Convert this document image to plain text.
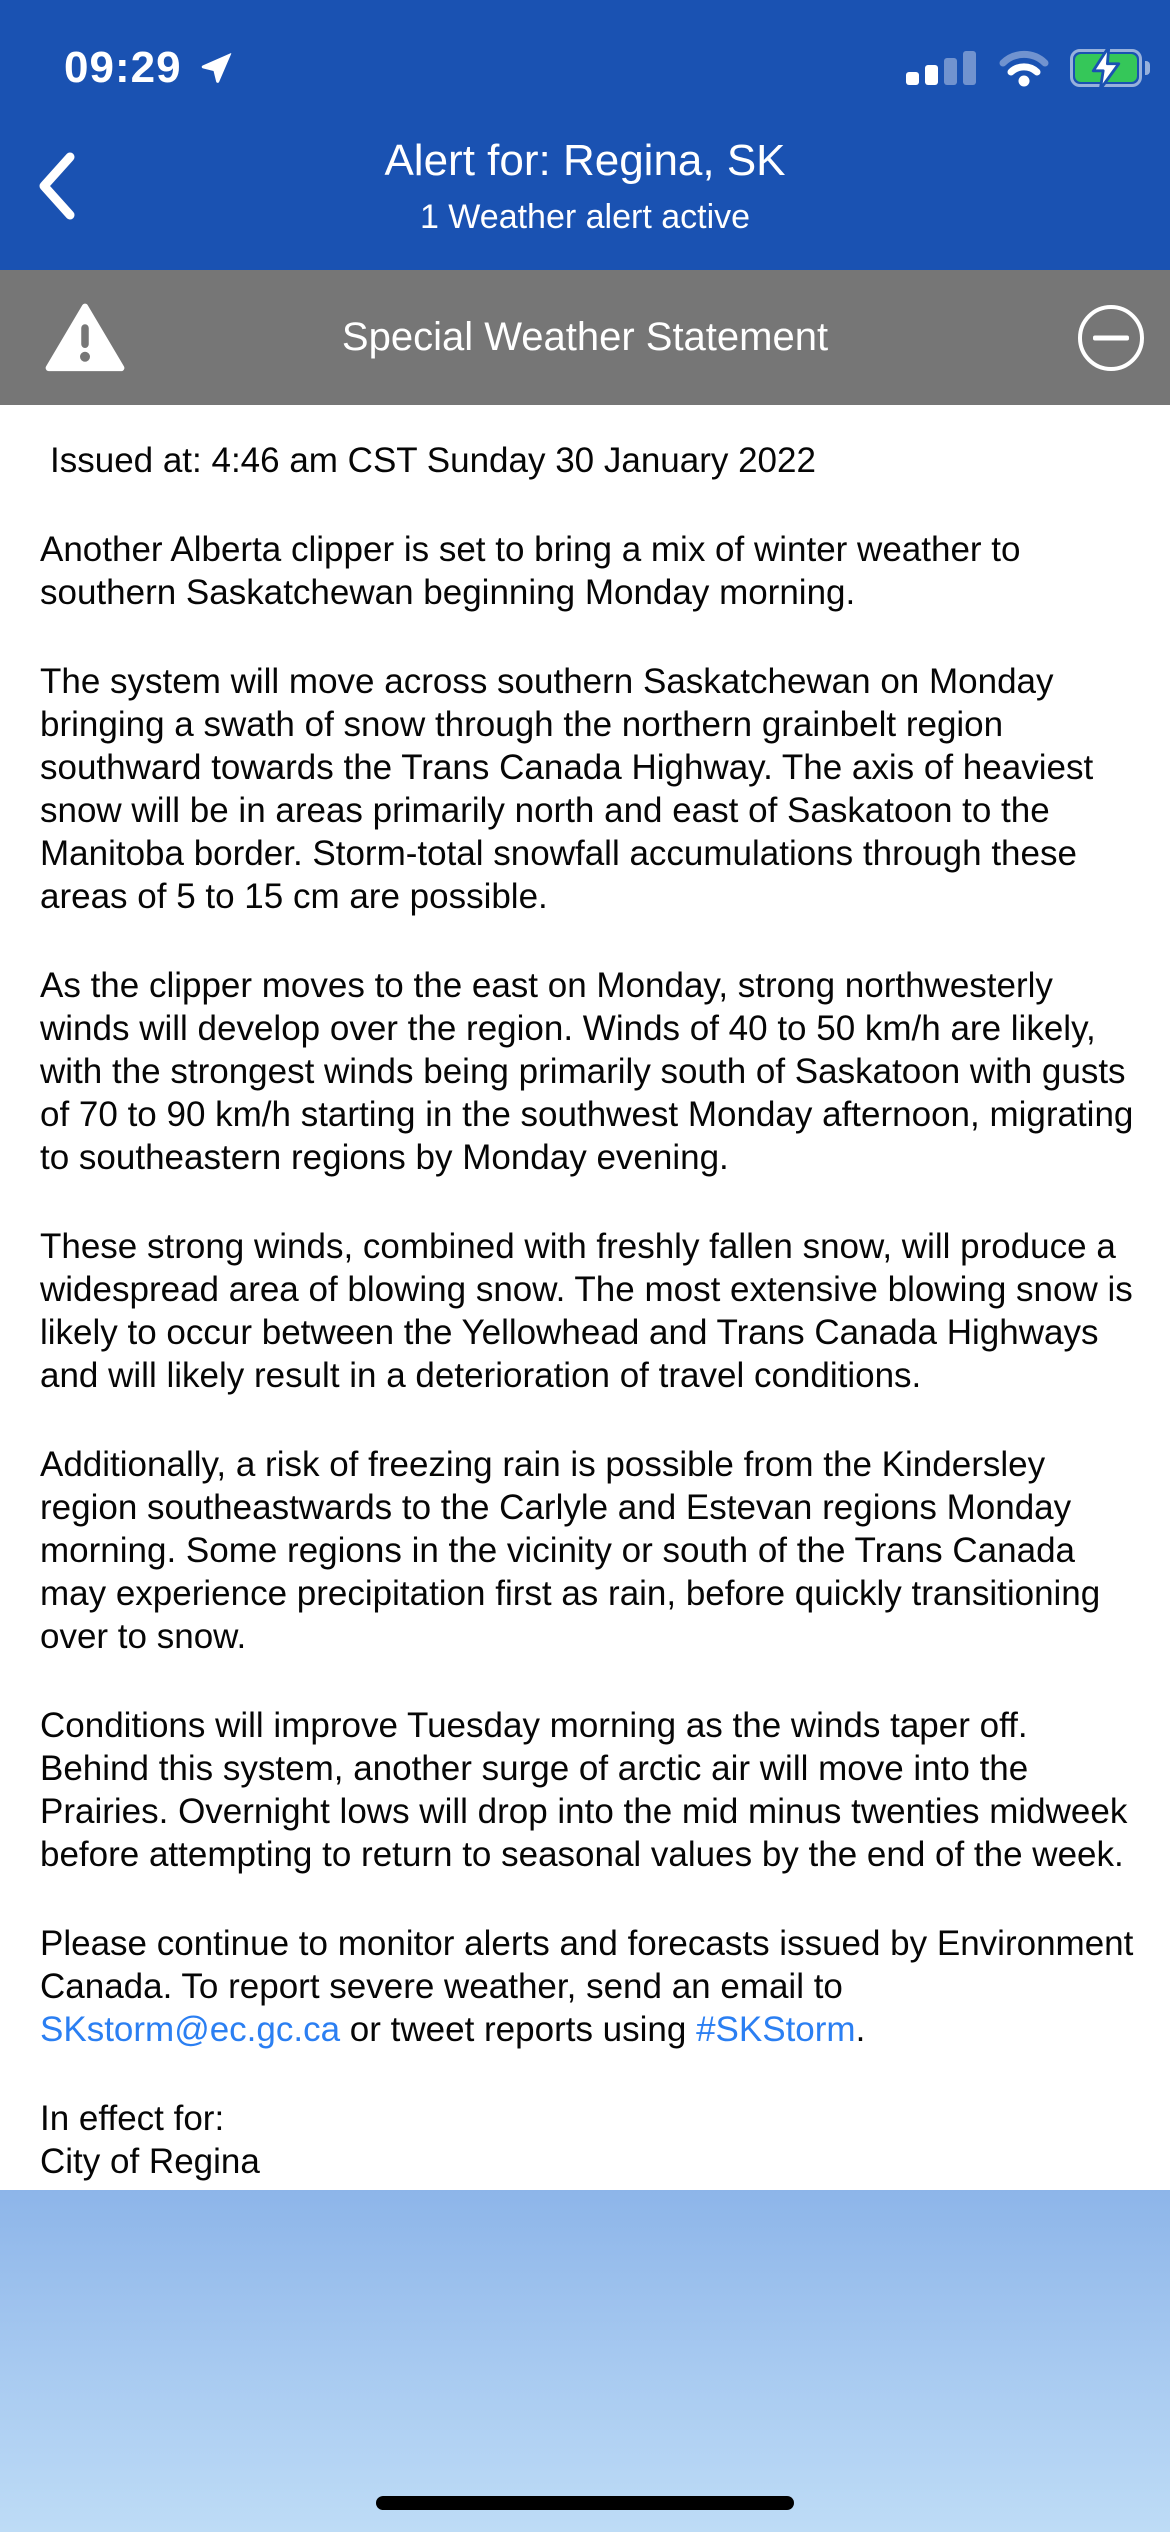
09:29
Alert for: Regina, SK
1 Weather alert active
Special Weather Statement
Issued at: 4:46 am CST Sunday 30 January 2022

Another Alberta clipper is set to bring a mix of winter weather to southern Saskatchewan beginning Monday morning.

The system will move across southern Saskatchewan on Monday bringing a swath of snow through the northern grainbelt region southward towards the Trans Canada Highway. The axis of heaviest snow will be in areas primarily north and east of Saskatoon to the Manitoba border. Storm-total snowfall accumulations through these areas of 5 to 15 cm are possible.

As the clipper moves to the east on Monday, strong northwesterly winds will develop over the region. Winds of 40 to 50 km/h are likely, with the strongest winds being primarily south of Saskatoon with gusts of 70 to 90 km/h starting in the southwest Monday afternoon, migrating to southeastern regions by Monday evening.

These strong winds, combined with freshly fallen snow, will produce a widespread area of blowing snow. The most extensive blowing snow is likely to occur between the Yellowhead and Trans Canada Highways and will likely result in a deterioration of travel conditions.

Additionally, a risk of freezing rain is possible from the Kindersley region southeastwards to the Carlyle and Estevan regions Monday morning. Some regions in the vicinity or south of the Trans Canada may experience precipitation first as rain, before quickly transitioning over to snow.

Conditions will improve Tuesday morning as the winds taper off. Behind this system, another surge of arctic air will move into the Prairies. Overnight lows will drop into the mid minus twenties midweek before attempting to return to seasonal values by the end of the week.

Please continue to monitor alerts and forecasts issued by Environment Canada. To report severe weather, send an email to SKstorm@ec.gc.ca or tweet reports using #SKStorm.

In effect for:
City of Regina
